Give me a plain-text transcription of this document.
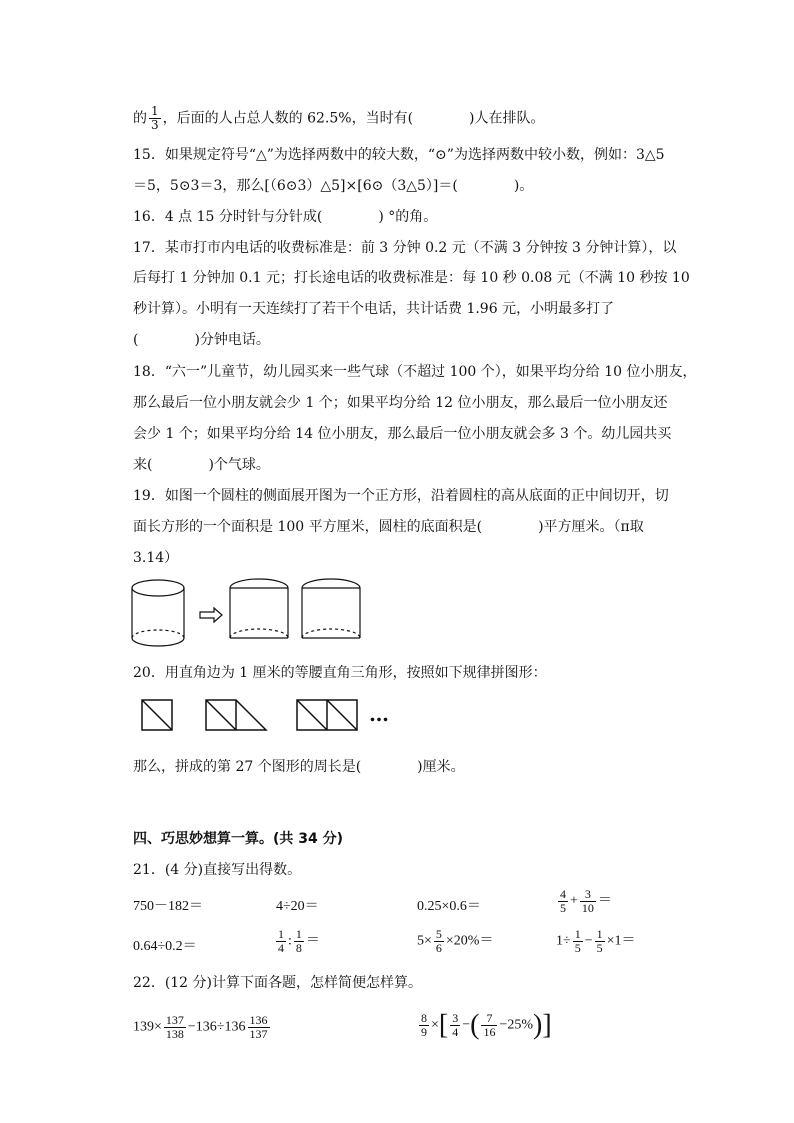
的 $\frac{1}{3}$ ，后面的人占总人数的 62.5%，当时有(　　　　)人在排队。
15．如果规定符号“△”为选择两数中的较大数，“⊙”为选择两数中较小数，例如：3△5
＝5，5⊙3＝3，那么[（6⊙3）△5]×[6⊙（3△5）]＝(　　　　)。
16．4 点 15 分时针与分针成(　　　　) °的角。
17．某市打市内电话的收费标准是：前 3 分钟 0.2 元（不满 3 分钟按 3 分钟计算），以
后每打 1 分钟加 0.1 元；打长途电话的收费标准是：每 10 秒 0.08 元（不满 10 秒按 10
秒计算）。小明有一天连续打了若干个电话，共计话费 1.96 元，小明最多打了
(　　　　)分钟电话。
18．“六一”儿童节，幼儿园买来一些气球（不超过 100 个），如果平均分给 10 位小朋友，
那么最后一位小朋友就会少 1 个；如果平均分给 12 位小朋友，那么最后一位小朋友还
会少 1 个；如果平均分给 14 位小朋友，那么最后一位小朋友就会多 3 个。幼儿园共买
来(　　　　)个气球。
19．如图一个圆柱的侧面展开图为一个正方形，沿着圆柱的高从底面的正中间切开，切
面长方形的一个面积是 100 平方厘米，圆柱的底面积是(　　　　)平方厘米。（π取
3.14）
20．用直角边为 1 厘米的等腰直角三角形，按照如下规律拼图形：
…
那么，拼成的第 27 个图形的周长是(　　　　)厘米。
四、巧思妙想算一算。(共 34 分)
21．(4 分)直接写出得数。
750－182＝	4÷20＝	0.25×0.6＝	$\frac{4}{5} + \frac{3}{10}$ ＝
0.64÷0.2＝	$\frac{1}{4}$ : $\frac{1}{8}$ ＝	$5\times \frac{5}{6} \times 20\%=$	$1\div \frac{1}{5} - \frac{1}{5} \times 1=$
22．(12 分)计算下面各题，怎样简便怎样算。
$139\times \frac{137}{138} -136\div 136 \frac{136}{137}$	$\frac{8}{9}$ ×[ $\frac{3}{4}$ −( $\frac{7}{16} -25\%$)]
